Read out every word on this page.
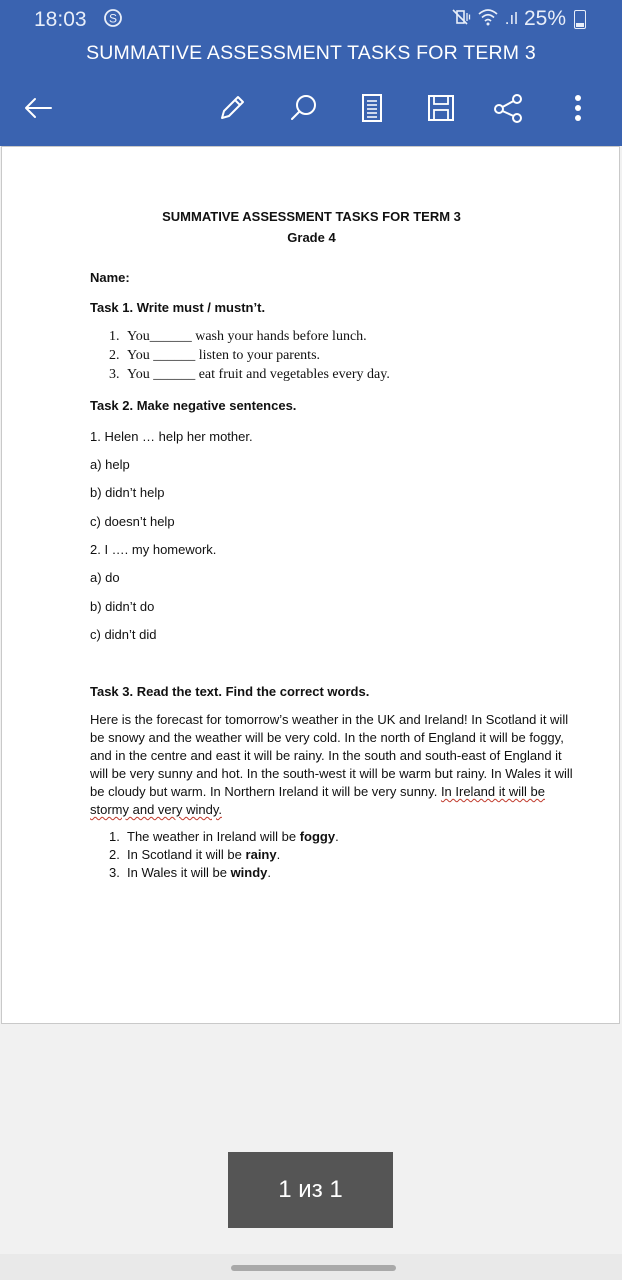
18:03 S	.ıl 25%
SUMMATIVE ASSESSMENT TASKS FOR TERM 3
SUMMATIVE ASSESSMENT TASKS FOR TERM 3
Grade 4
Name:
Task 1. Write must / mustn’t.
1. You______ wash your hands before lunch.
2. You ______ listen to your parents.
3. You ______ eat fruit and vegetables every day.
Task 2. Make negative sentences.
1. Helen … help her mother.
a) help
b) didn’t help
c) doesn’t help
2. I …. my homework.
a) do
b) didn’t do
c) didn’t did
Task 3. Read the text. Find the correct words.
Here is the forecast for tomorrow’s weather in the UK and Ireland! In Scotland it will be snowy and the weather will be very cold. In the north of England it will be foggy, and in the centre and east it will be rainy. In the south and south-east of England it will be very sunny and hot. In the south-west it will be warm but rainy. In Wales it will be cloudy but warm. In Northern Ireland it will be very sunny. In Ireland it will be stormy and very windy.
1. The weather in Ireland will be foggy.
2. In Scotland it will be rainy.
3. In Wales it will be windy.
1 из 1
